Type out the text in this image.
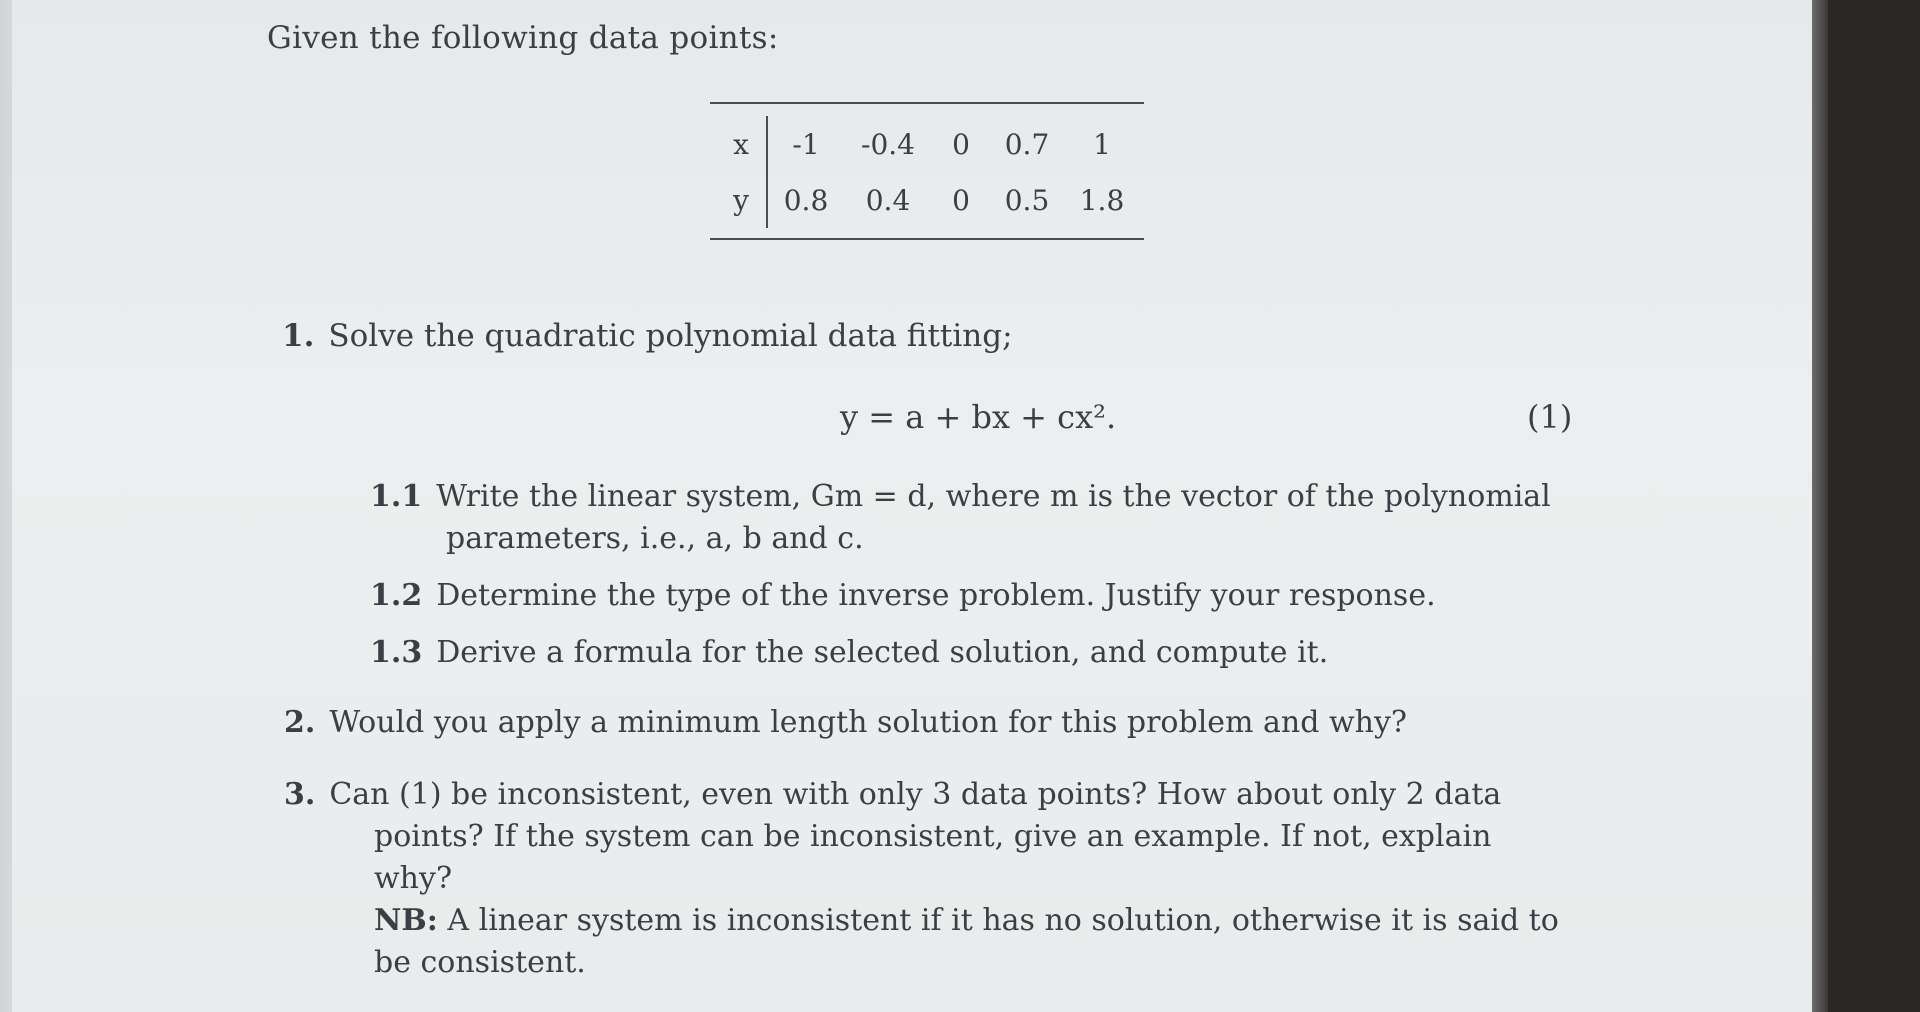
Given the following data points:
x	-1	-0.4	0	0.7	1
y 0.8	0.4	0	0.5	1.8
1. Solve the quadratic polynomial data fitting;
y = a + bx + cx².	(1)
1.1 Write the linear system, Gm = d, where m is the vector of the polynomial
parameters, i.e., a, b and c.
1.2 Determine the type of the inverse problem. Justify your response.
1.3 Derive a formula for the selected solution, and compute it.
2. Would you apply a minimum length solution for this problem and why?
3. Can (1) be inconsistent, even with only 3 data points? How about only 2 data
points? If the system can be inconsistent, give an example. If not, explain why?
NB: A linear system is inconsistent if it has no solution, otherwise it is said to
be consistent.
